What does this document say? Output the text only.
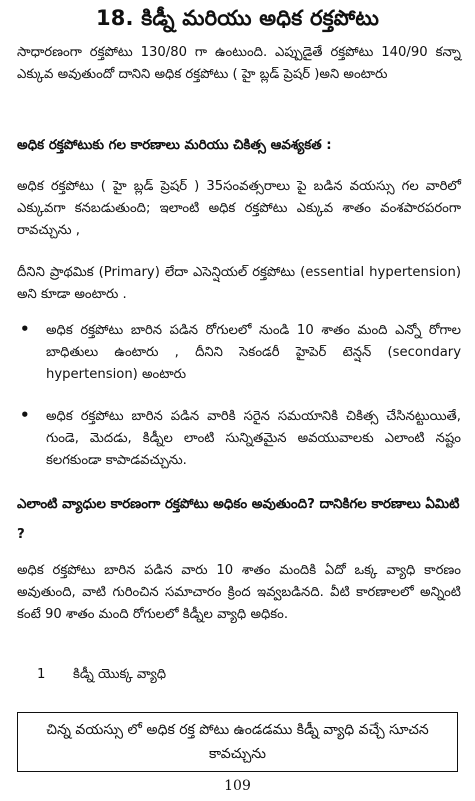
18. కిడ్నీ మరియు అధిక రక్తపోటు

సాధారణంగా రక్తపోటు 130/80 గా ఉంటుంది. ఎప్పుడైతే రక్తపోటు 140/90 కన్నా ఎక్కువ అవుతుందో దానిని అధిక రక్తపోటు ( హై బ్లడ్ ప్రెషర్ )అని అంటారు

అధిక రక్తపోటుకు గల కారణాలు మరియు చికిత్స ఆవశ్యకత :

అధిక రక్తపోటు ( హై బ్లడ్ ప్రెషర్ ) 35సంవత్సరాలు పై బడిన వయస్సు గల వారిలో ఎక్కువగా కనబడుతుంది; ఇలాంటి అధిక రక్తపోటు ఎక్కువ శాతం వంశపారపరంగా రావచ్చును ,

దీనిని ప్రాథమిక (Primary) లేదా ఎసెన్షియల్ రక్తపోటు (essential hypertension) అని కూడా అంటారు .

• అధిక రక్తపోటు బారిన పడిన రోగులలో నుండి 10 శాతం మంది ఎన్నో రోగాల బాధితులు ఉంటారు , దీనిని సెకండరీ హైపెర్ టెన్షన్ (secondary hypertension) అంటారు

• అధిక రక్తపోటు బారిన పడిన వారికి సరైన సమయానికి చికిత్స చేసినట్టుయితే, గుండె, మెదడు, కిడ్నీల లాంటి సున్నితమైన అవయువాలకు ఎలాంటి నష్టం కలగకుండా కాపాడవచ్చును.

ఎలాంటి వ్యాధుల కారణంగా రక్తపోటు అధికం అవుతుంది? దానికిగల కారణాలు ఏమిటి ?

అధిక రక్తపోటు బారిన పడిన వారు 10 శాతం మందికి ఏదో ఒక్క వ్యాధి కారణం అవుతుంది, వాటి గురించిన సమాచారం క్రింద ఇవ్వబడినది. వీటి కారణాలలో అన్నింటి కంటే 90 శాతం మంది రోగులలో కిడ్నీల వ్యాధి అధికం.

1 కిడ్నీ యొక్క వ్యాధి
చిన్న వయస్సు లో అధిక రక్త పోటు ఉండడము కిడ్నీ వ్యాధి వచ్చే సూచన కావచ్చును
109
